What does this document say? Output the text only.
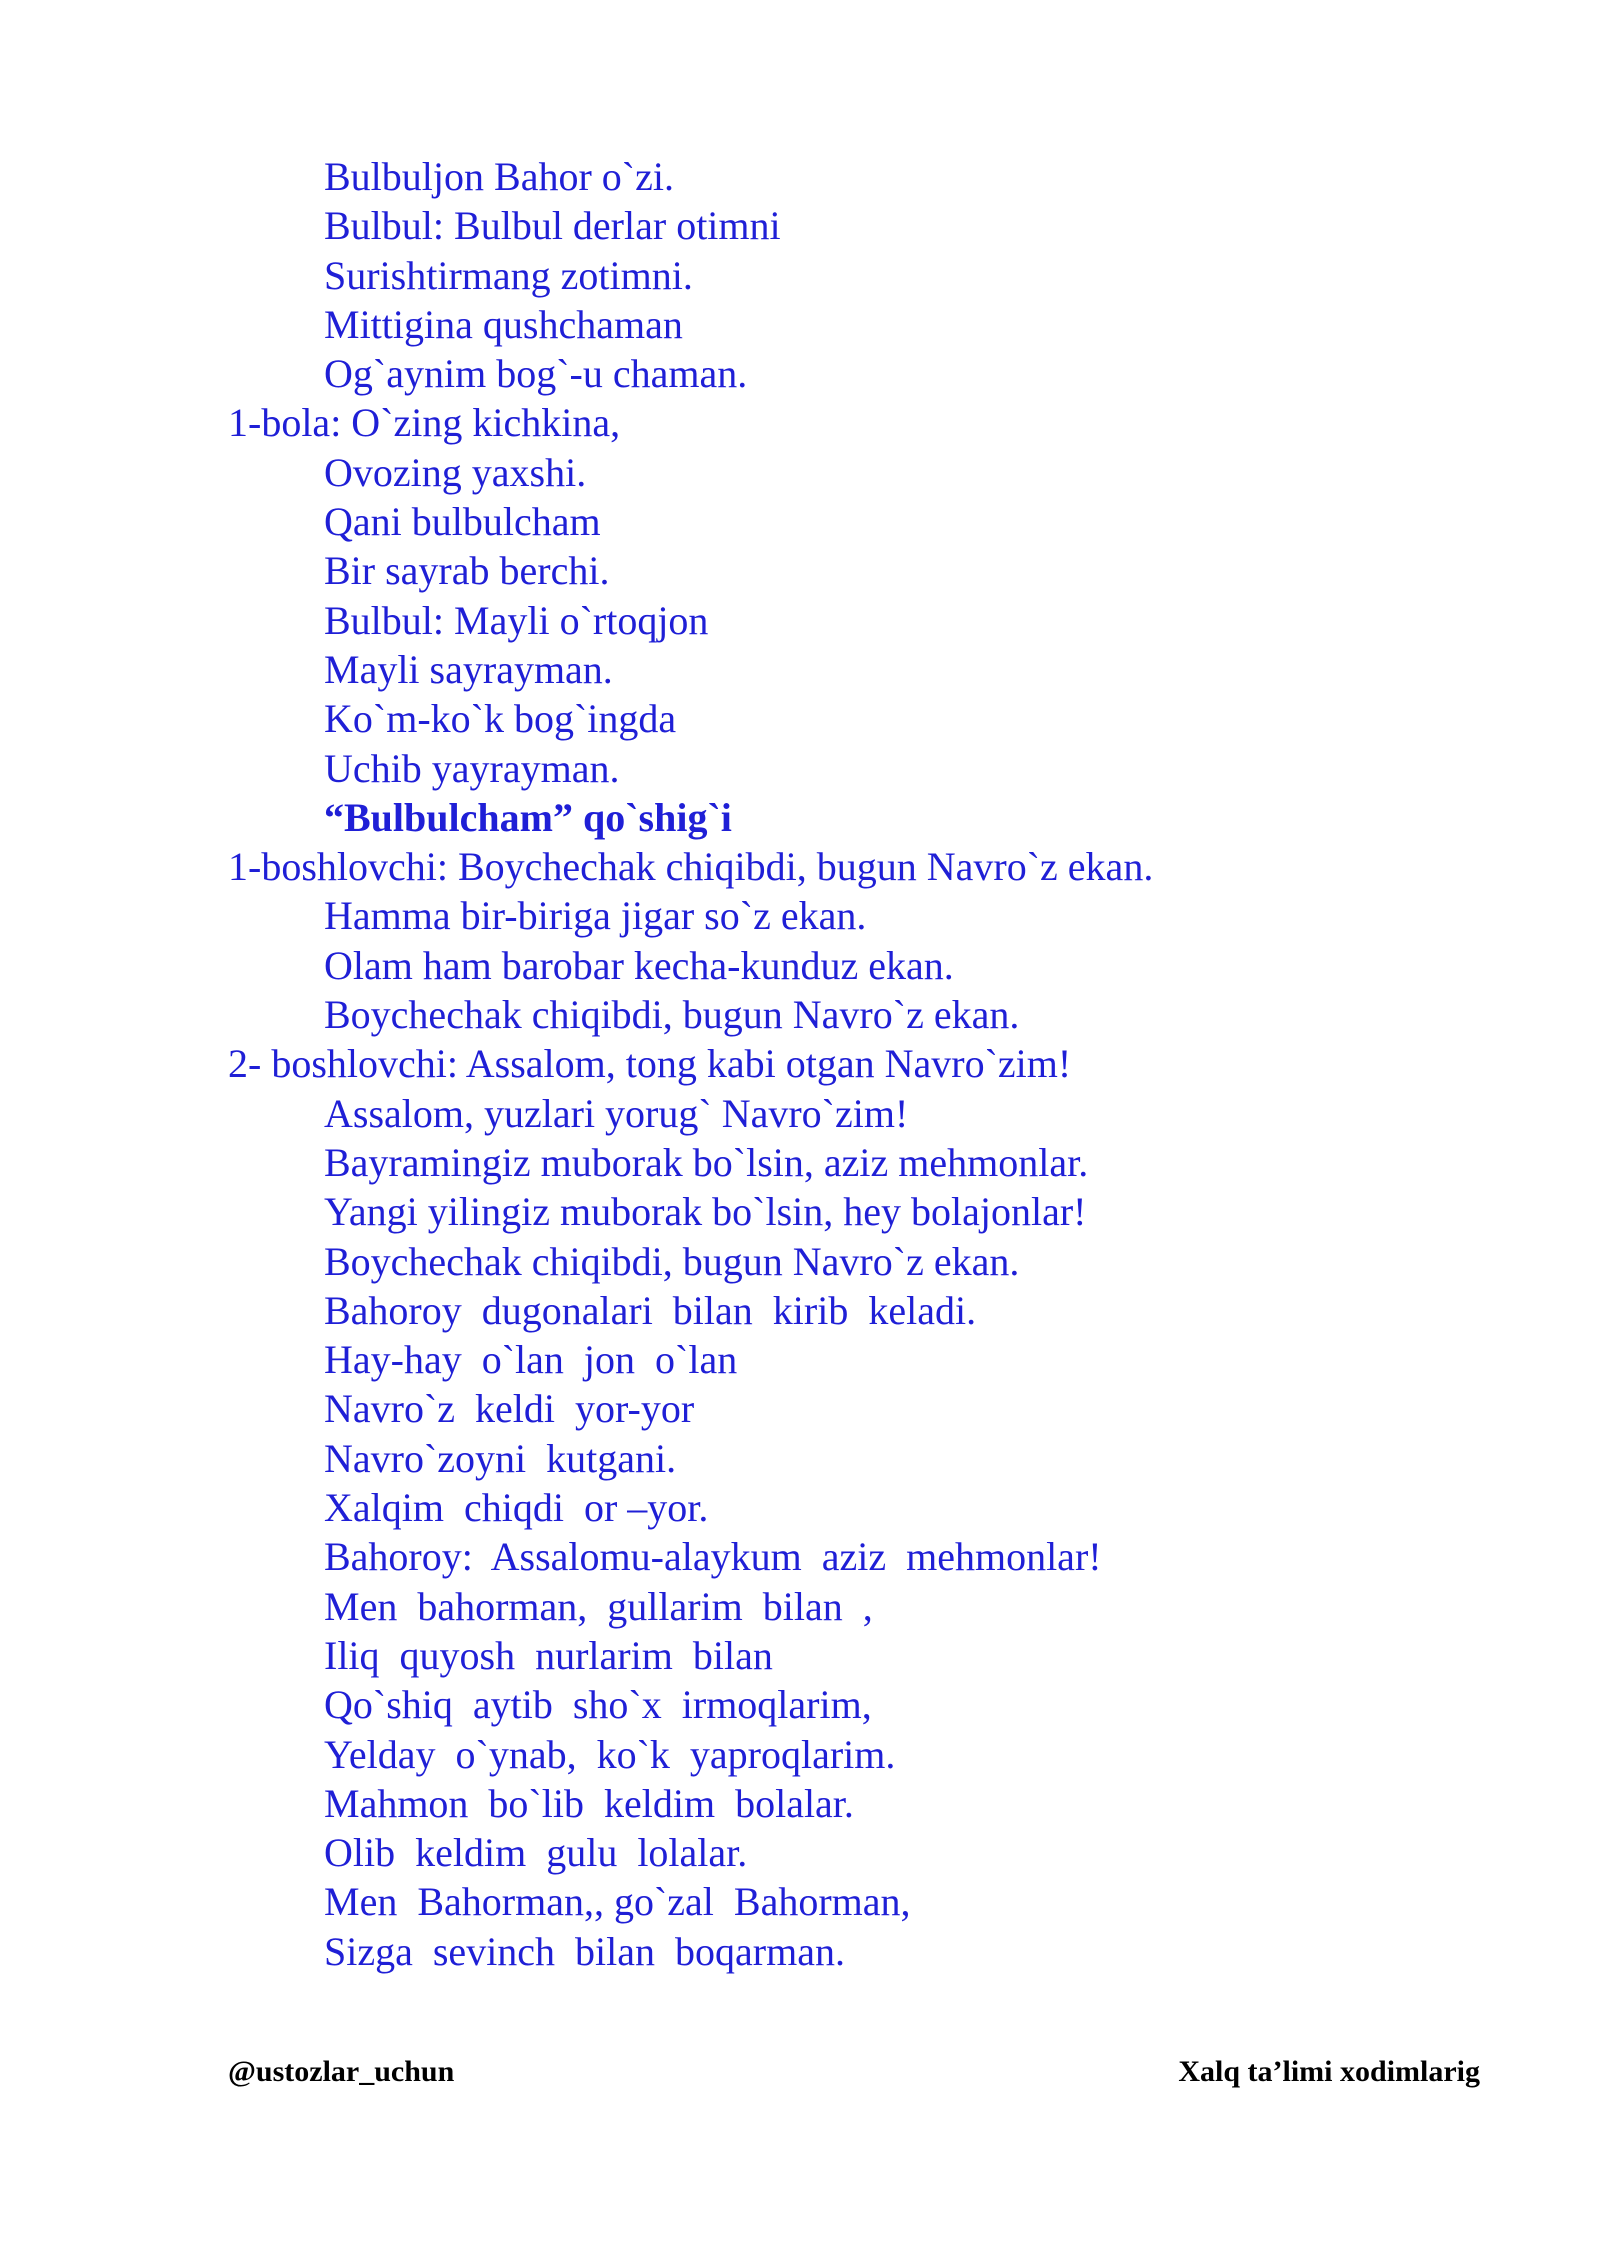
Bulbuljon Bahor o`zi.
Bulbul: Bulbul derlar otimni
Surishtirmang zotimni.
Mittigina qushchaman
Og`aynim bog`-u chaman.
1-bola: O`zing kichkina,
Ovozing yaxshi.
Qani bulbulcham
Bir sayrab berchi.
Bulbul: Mayli o`rtoqjon
Mayli sayrayman.
Ko`m-ko`k bog`ingda
Uchib yayrayman.
“Bulbulcham” qo`shig`i
1-boshlovchi: Boychechak chiqibdi, bugun Navro`z ekan.
Hamma bir-biriga jigar so`z ekan.
Olam ham barobar kecha-kunduz ekan.
Boychechak chiqibdi, bugun Navro`z ekan.
2- boshlovchi: Assalom, tong kabi otgan Navro`zim!
Assalom, yuzlari yorug` Navro`zim!
Bayramingiz muborak bo`lsin, aziz mehmonlar.
Yangi yilingiz muborak bo`lsin, hey bolajonlar!
Boychechak chiqibdi, bugun Navro`z ekan.
Bahoroy  dugonalari  bilan  kirib  keladi.
Hay-hay  o`lan  jon  o`lan
Navro`z  keldi  yor-yor
Navro`zoyni  kutgani.
Xalqim  chiqdi  or –yor.
Bahoroy:  Assalomu-alaykum  aziz  mehmonlar!
Men  bahorman,  gullarim  bilan  ,
Iliq  quyosh  nurlarim  bilan
Qo`shiq  aytib  sho`x  irmoqlarim,
Yelday  o`ynab,  ko`k  yaproqlarim.
Mahmon  bo`lib  keldim  bolalar.
Olib  keldim  gulu  lolalar.
Men  Bahorman,, go`zal  Bahorman,
Sizga  sevinch  bilan  boqarman.
@ustozlar_uchun	Xalq ta’limi xodimlarig
